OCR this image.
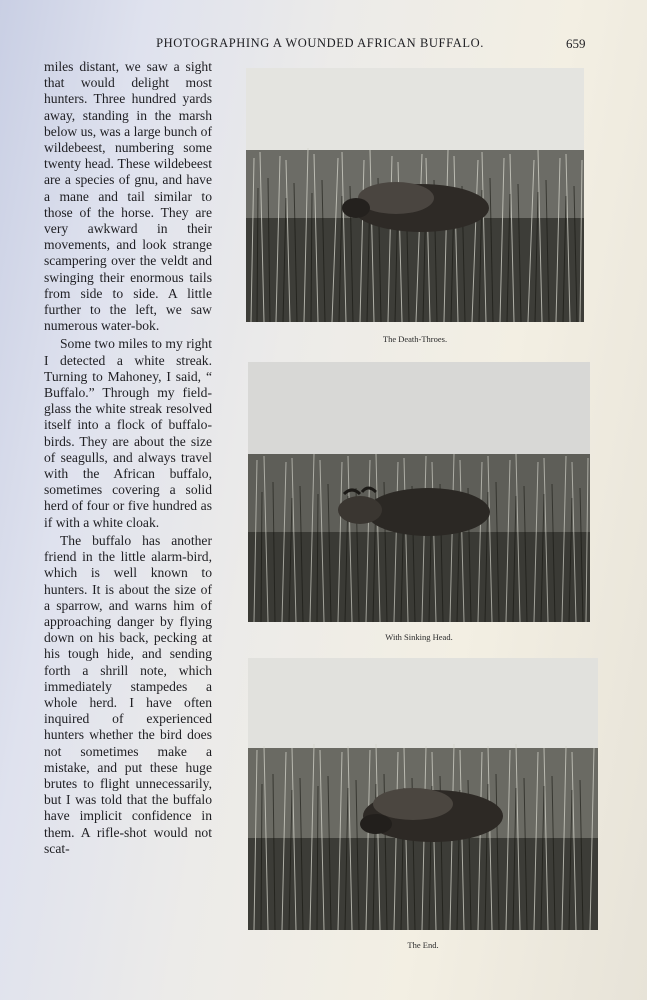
PHOTOGRAPHING A WOUNDED AFRICAN BUFFALO.	659

miles distant, we saw a sight that would delight most hunters. Three hundred yards away, standing in the marsh below us, was a large bunch of wildebeest, numbering some twenty head. These wildebeest are a species of gnu, and have a mane and tail similar to those of the horse. They are very awkward in their movements, and look strange scampering over the veldt and swinging their enormous tails from side to side. A little further to the left, we saw numerous water-bok.

Some two miles to my right I detected a white streak. Turning to Mahoney, I said, “ Buffalo.” Through my field-glass the white streak resolved itself into a flock of buffalo-birds. They are about the size of seagulls, and always travel with the African buffalo, sometimes covering a solid herd of four or five hundred as if with a white cloak.

The buffalo has another friend in the little alarm-bird, which is well known to hunters. It is about the size of a sparrow, and warns him of approaching danger by flying down on his back, pecking at his tough hide, and sending forth a shrill note, which immediately stampedes a whole herd. I have often inquired of experienced hunters whether the bird does not sometimes make a mistake, and put these huge brutes to flight unnecessarily, but I was told that the buffalo have implicit confidence in them. A rifle-shot would not scat-

The Death-Throes.
With Sinking Head.
The End.
